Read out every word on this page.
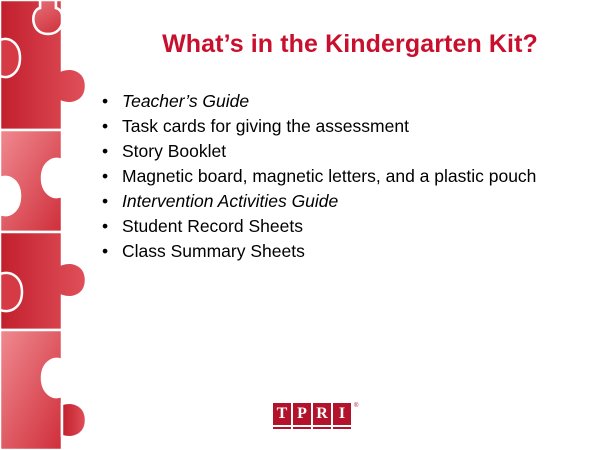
What’s in the Kindergarten Kit?
• Teacher’s Guide
• Task cards for giving the assessment
• Story Booklet
• Magnetic board, magnetic letters, and a plastic pouch
• Intervention Activities Guide
• Student Record Sheets
• Class Summary Sheets
T P R I	®
